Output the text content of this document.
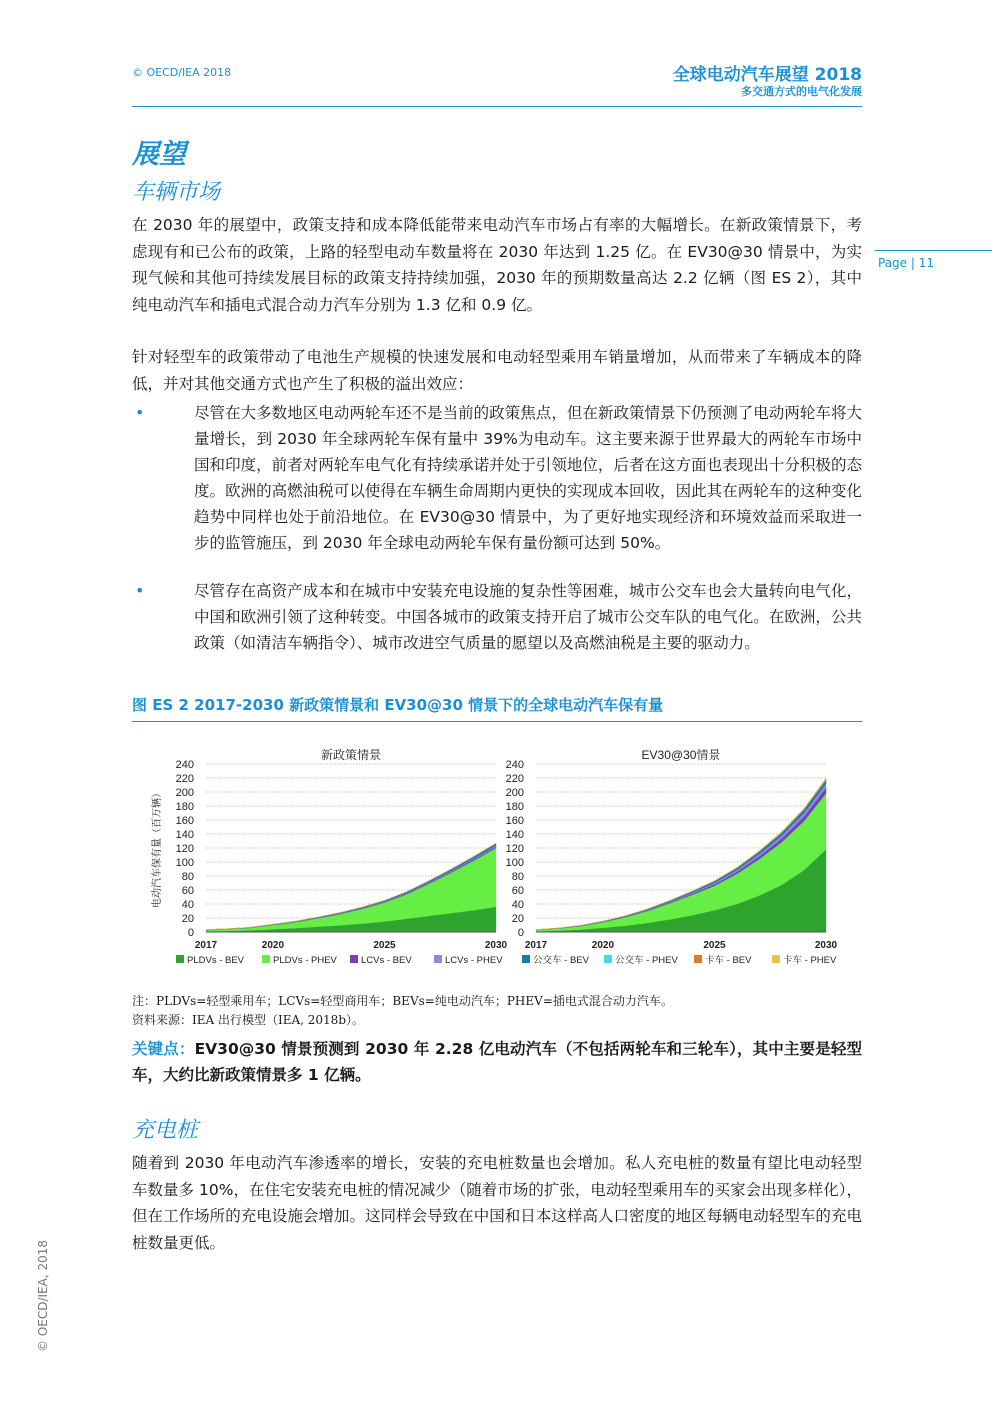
© OECD/IEA 2018	全球电动汽车展望 2018
多交通方式的电气化发展
Page | 11
© OECD/IEA, 2018
展望
车辆市场
在 2030 年的展望中，政策支持和成本降低能带来电动汽车市场占有率的大幅增长。在新政策情景下，考虑现有和已公布的政策，上路的轻型电动车数量将在 2030 年达到 1.25 亿。在 EV30@30 情景中，为实现气候和其他可持续发展目标的政策支持持续加强，2030 年的预期数量高达 2.2 亿辆（图 ES 2），其中纯电动汽车和插电式混合动力汽车分别为 1.3 亿和 0.9 亿。
针对轻型车的政策带动了电池生产规模的快速发展和电动轻型乘用车销量增加，从而带来了车辆成本的降低，并对其他交通方式也产生了积极的溢出效应：
•	尽管在大多数地区电动两轮车还不是当前的政策焦点，但在新政策情景下仍预测了电动两轮车将大量增长，到 2030 年全球两轮车保有量中 39%为电动车。这主要来源于世界最大的两轮车市场中国和印度，前者对两轮车电气化有持续承诺并处于引领地位，后者在这方面也表现出十分积极的态度。欧洲的高燃油税可以使得在车辆生命周期内更快的实现成本回收，因此其在两轮车的这种变化趋势中同样也处于前沿地位。在 EV30@30 情景中，为了更好地实现经济和环境效益而采取进一步的监管施压，到 2030 年全球电动两轮车保有量份额可达到 50%。
•	尽管存在高资产成本和在城市中安装充电设施的复杂性等困难，城市公交车也会大量转向电气化，中国和欧洲引领了这种转变。中国各城市的政策支持开启了城市公交车队的电气化。在欧洲，公共政策（如清洁车辆指令）、城市改进空气质量的愿望以及高燃油税是主要的驱动力。
图 ES 2 2017-2030 新政策情景和 EV30@30 情景下的全球电动汽车保有量
电动汽车保有量（百万辆）
新政策情景
0
20
40
60
80
100
120
140
160
180
200
220
240
2017	2020	2025	2030
EV30@30情景
0
20
40
60
80
100
120
140
160
180
200
220
240
2017	2020	2025	2030
PLDVs - BEV	PLDVs - PHEV	LCVs - BEV	LCVs - PHEV	公交车 - BEV	公交车 - PHEV	卡车 - BEV	卡车 - PHEV
注：PLDVs=轻型乘用车；LCVs=轻型商用车；BEVs=纯电动汽车；PHEV=插电式混合动力汽车。
资料来源：IEA 出行模型（IEA, 2018b）。
关键点：EV30@30 情景预测到 2030 年 2.28 亿电动汽车（不包括两轮车和三轮车），其中主要是轻型车，大约比新政策情景多 1 亿辆。
充电桩
随着到 2030 年电动汽车渗透率的增长，安装的充电桩数量也会增加。私人充电桩的数量有望比电动轻型车数量多 10%，在住宅安装充电桩的情况减少（随着市场的扩张，电动轻型乘用车的买家会出现多样化），但在工作场所的充电设施会增加。这同样会导致在中国和日本这样高人口密度的地区每辆电动轻型车的充电桩数量更低。
